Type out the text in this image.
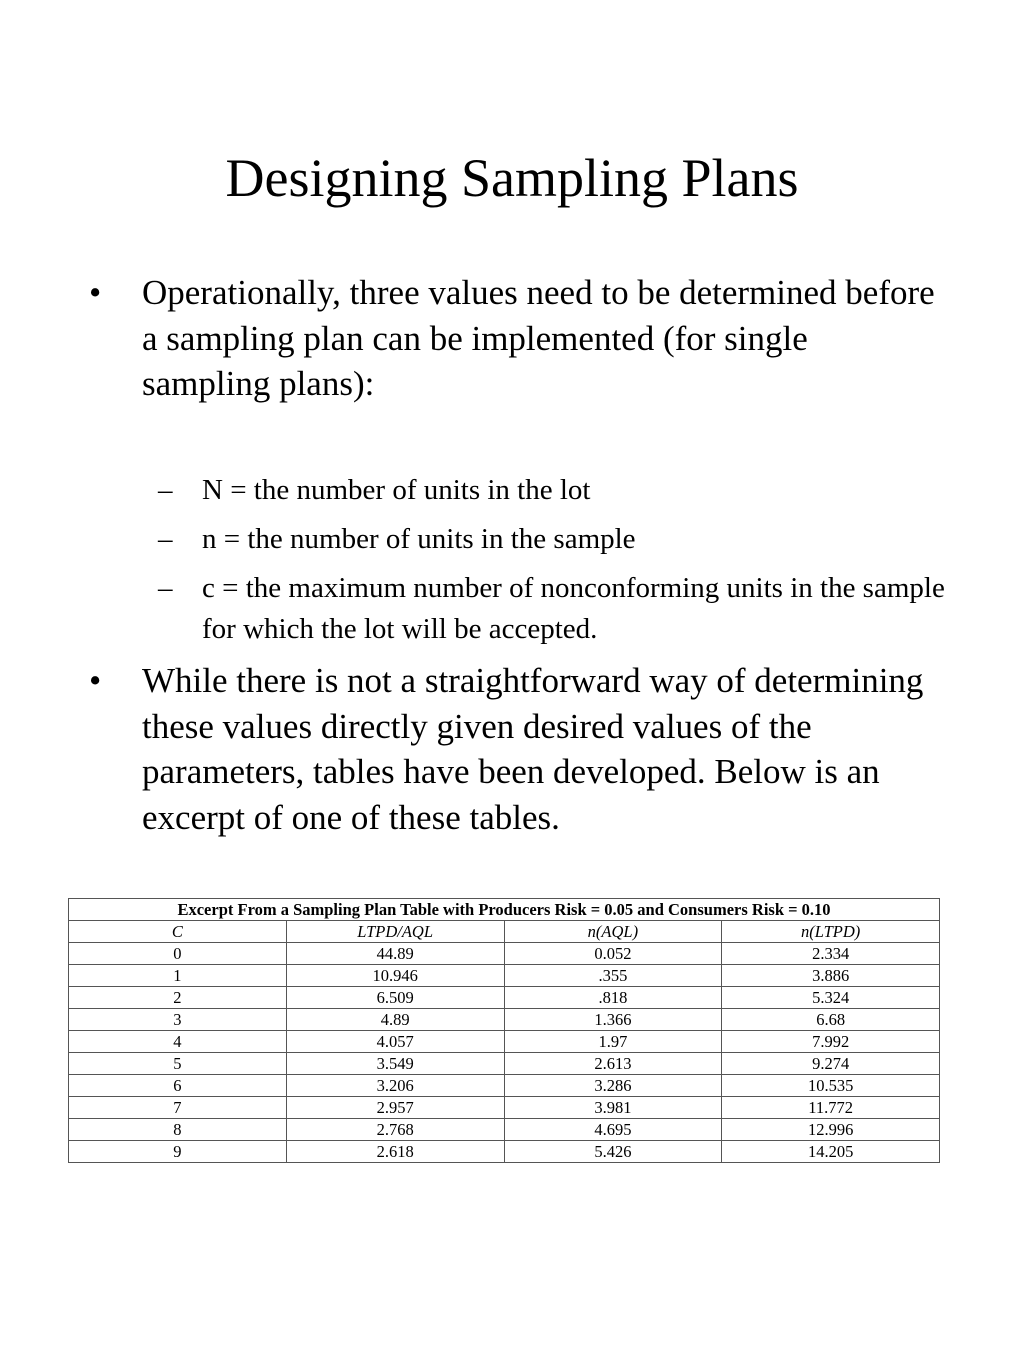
Designing Sampling Plans
• Operationally, three values need to be determined before a sampling plan can be implemented (for single sampling plans):
– N = the number of units in the lot
– n = the number of units in the sample
– c = the maximum number of nonconforming units in the sample for which the lot will be accepted.
• While there is not a straightforward way of determining these values directly given desired values of the parameters, tables have been developed. Below is an excerpt of one of these tables.
Excerpt From a Sampling Plan Table with Producers Risk = 0.05 and Consumers Risk = 0.10			
C	LTPD/AQL	n(AQL)	n(LTPD)
0	44.89	0.052	2.334
1	10.946	.355	3.886
2	6.509	.818	5.324
3	4.89	1.366	6.68
4	4.057	1.97	7.992
5	3.549	2.613	9.274
6	3.206	3.286	10.535
7	2.957	3.981	11.772
8	2.768	4.695	12.996
9	2.618	5.426	14.205
